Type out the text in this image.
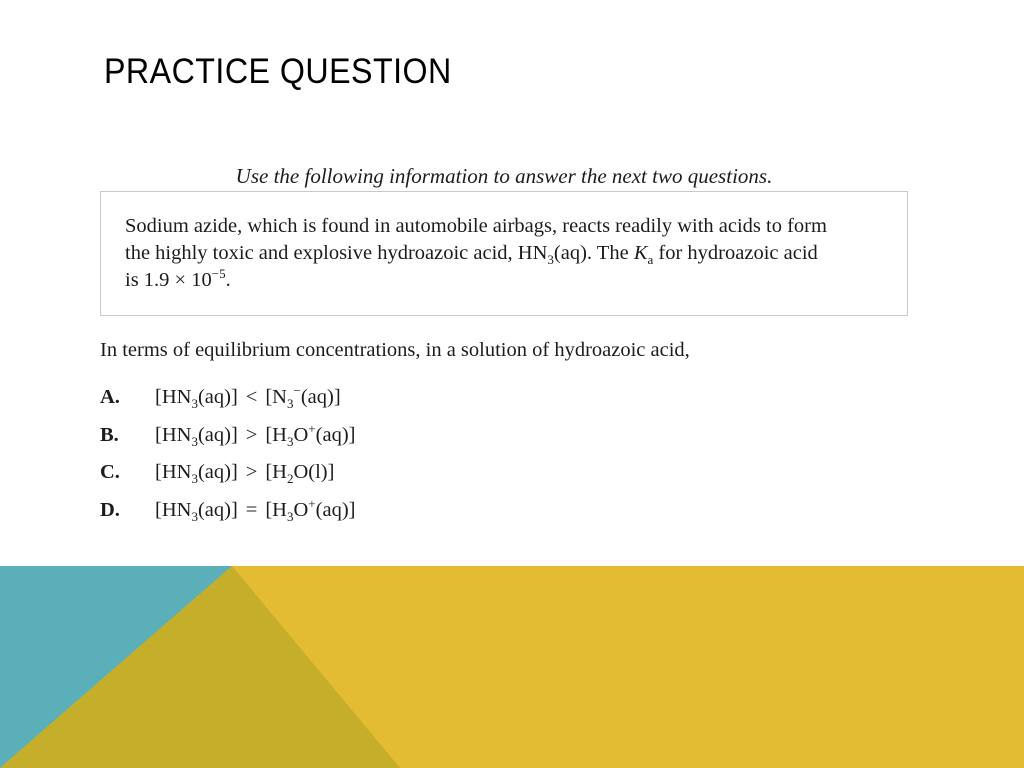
PRACTICE QUESTION
Use the following information to answer the next two questions.
Sodium azide, which is found in automobile airbags, reacts readily with acids to form
the highly toxic and explosive hydroazoic acid, $HN_3(aq)$. The $K_a$ for hydroazoic acid
is $1.9 \times 10^{-5}$.
In terms of equilibrium concentrations, in a solution of hydroazoic acid,
A. $[HN_3(aq)] < [N_3^-(aq)]$
B. $[HN_3(aq)] > [H_3O^+(aq)]$
C. $[HN_3(aq)] > [H_2O(l)]$
D. $[HN_3(aq)] = [H_3O^+(aq)]$
